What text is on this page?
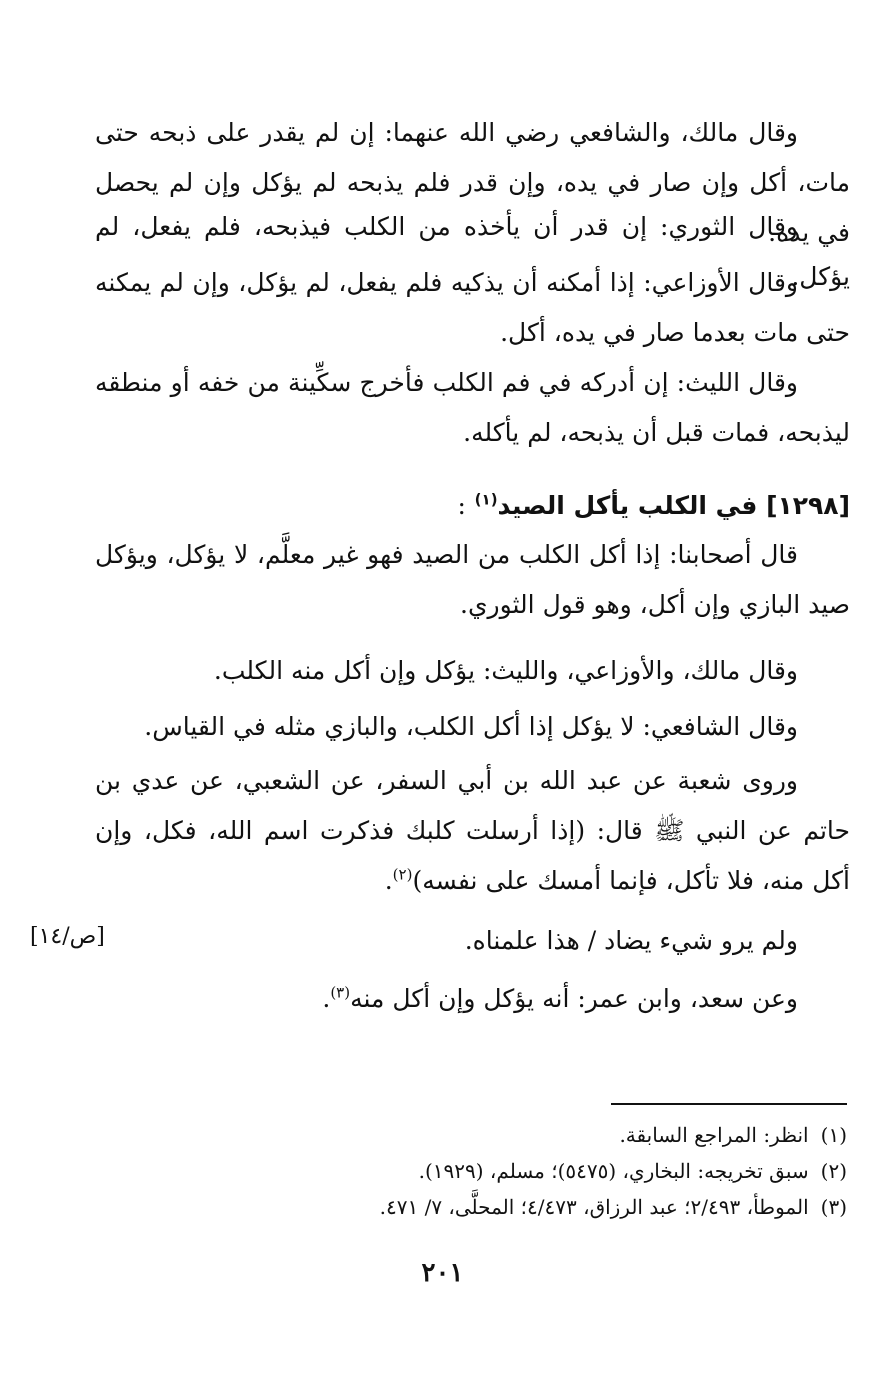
وقال مالك، والشافعي رضي الله عنهما: إن لم يقدر على ذبحه حتى مات، أكل وإن صار في يده، وإن قدر فلم يذبحه لم يؤكل وإن لم يحصل في يده.

وقال الثوري: إن قدر أن يأخذه من الكلب فيذبحه، فلم يفعل، لم يؤكل.

وقال الأوزاعي: إذا أمكنه أن يذكيه فلم يفعل، لم يؤكل، وإن لم يمكنه حتى مات بعدما صار في يده، أكل.

وقال الليث: إن أدركه في فم الكلب فأخرج سكِّينة من خفه أو منطقه ليذبحه، فمات قبل أن يذبحه، لم يأكله.

[١٢٩٨] في الكلب يأكل الصيد$^{(١)}$ :

قال أصحابنا: إذا أكل الكلب من الصيد فهو غير معلَّم، لا يؤكل، ويؤكل صيد البازي وإن أكل، وهو قول الثوري.

وقال مالك، والأوزاعي، والليث: يؤكل وإن أكل منه الكلب.

وقال الشافعي: لا يؤكل إذا أكل الكلب، والبازي مثله في القياس.

وروى شعبة عن عبد الله بن أبي السفر، عن الشعبي، عن عدي بن حاتم عن النبي ﷺ قال: (إذا أرسلت كلبك فذكرت اسم الله، فكل، وإن أكل منه، فلا تأكل، فإنما أمسك على نفسه)$^{(٢)}$.

ولم يرو شيء يضاد / هذا علمناه.

وعن سعد، وابن عمر: أنه يؤكل وإن أكل منه$^{(٣)}$.

[ص/١٤]
(١)انظر: المراجع السابقة.
(٢)سبق تخريجه: البخاري، (٥٤٧٥)؛ مسلم، (١٩٢٩).
(٣)الموطأ، ٢/٤٩٣؛ عبد الرزاق، ٤/٤٧٣؛ المحلَّى، ٧/ ٤٧١.
٢٠١
